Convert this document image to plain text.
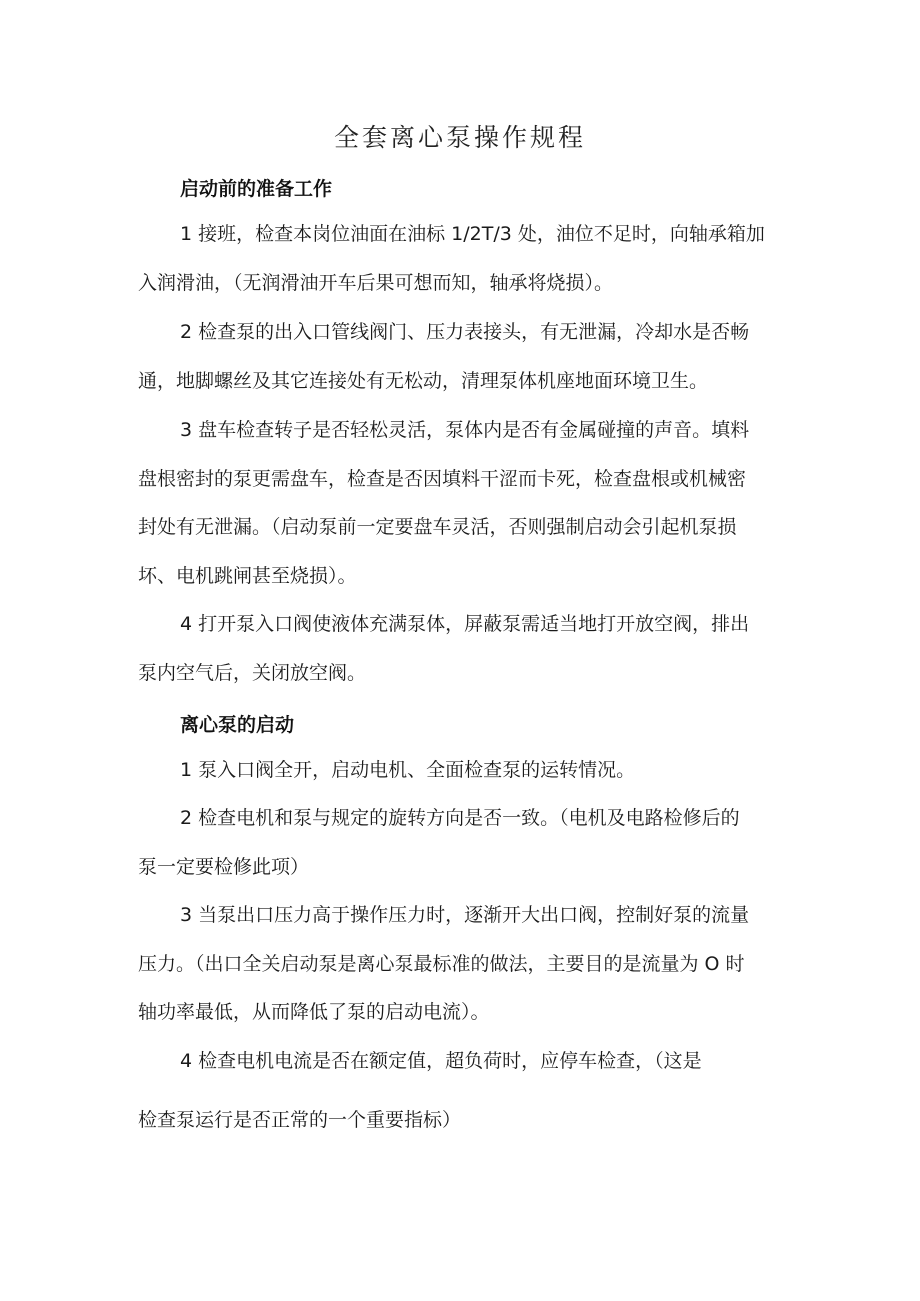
全套离心泵操作规程
启动前的准备工作

1 接班，检查本岗位油面在油标 1/2T/3 处，油位不足时，向轴承箱加

入润滑油，（无润滑油开车后果可想而知，轴承将烧损）。

2 检查泵的出入口管线阀门、压力表接头，有无泄漏，冷却水是否畅

通，地脚螺丝及其它连接处有无松动，清理泵体机座地面环境卫生。

3 盘车检查转子是否轻松灵活，泵体内是否有金属碰撞的声音。填料

盘根密封的泵更需盘车，检查是否因填料干涩而卡死，检查盘根或机械密

封处有无泄漏。（启动泵前一定要盘车灵活，否则强制启动会引起机泵损

坏、电机跳闸甚至烧损）。

4 打开泵入口阀使液体充满泵体，屏蔽泵需适当地打开放空阀，排出

泵内空气后，关闭放空阀。

离心泵的启动

1 泵入口阀全开，启动电机、全面检查泵的运转情况。

2 检查电机和泵与规定的旋转方向是否一致。（电机及电路检修后的

泵一定要检修此项）

3 当泵出口压力高于操作压力时，逐渐开大出口阀，控制好泵的流量

压力。（出口全关启动泵是离心泵最标准的做法，主要目的是流量为 O 时

轴功率最低，从而降低了泵的启动电流）。

4 检查电机电流是否在额定值，超负荷时，应停车检查，（这是

检查泵运行是否正常的一个重要指标）
